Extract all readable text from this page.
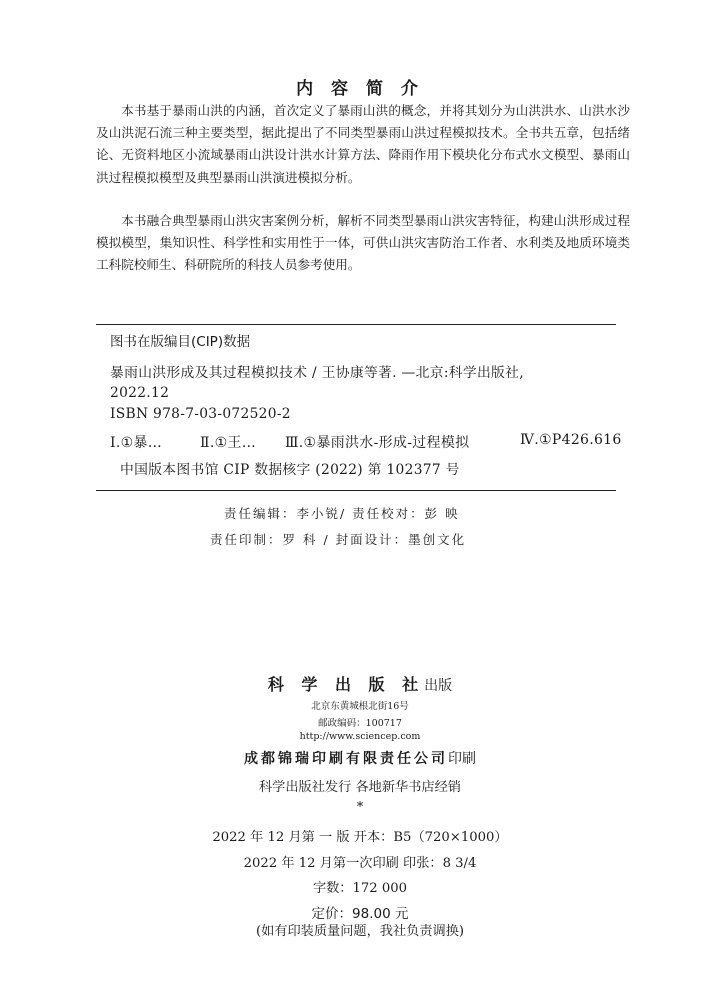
内 容 简 介
本书基于暴雨山洪的内涵，首次定义了暴雨山洪的概念，并将其划分为山洪洪水、山洪水沙及山洪泥石流三种主要类型，据此提出了不同类型暴雨山洪过程模拟技术。全书共五章，包括绪论、无资料地区小流域暴雨山洪设计洪水计算方法、降雨作用下模块化分布式水文模型、暴雨山洪过程模拟模型及典型暴雨山洪演进模拟分析。
本书融合典型暴雨山洪灾害案例分析，解析不同类型暴雨山洪灾害特征，构建山洪形成过程模拟模型，集知识性、科学性和实用性于一体，可供山洪灾害防治工作者、水利类及地质环境类工科院校师生、科研院所的科技人员参考使用。
图书在版编目(CIP)数据
暴雨山洪形成及其过程模拟技术 / 王协康等著. —北京:科学出版社,
2022.12
ISBN 978-7-03-072520-2
Ⅰ.①暴…	Ⅱ.①王… Ⅲ.①暴雨洪水-形成-过程模拟	Ⅳ.①P426.616
中国版本图书馆 CIP 数据核字 (2022) 第 102377 号
责任编辑：李小锐/ 责任校对：彭 映
责任印制：罗 科 / 封面设计：墨创文化
科 学 出 版 社出版
北京东黄城根北街16号
邮政编码：100717
http://www.sciencep.com
成都锦瑞印刷有限责任公司印刷
科学出版社发行 各地新华书店经销
*
2022 年 12 月第 一 版 开本：B5（720×1000）
2022 年 12 月第一次印刷 印张：8 3/4
字数：172 000
定价：98.00 元
(如有印装质量问题，我社负责调换)
